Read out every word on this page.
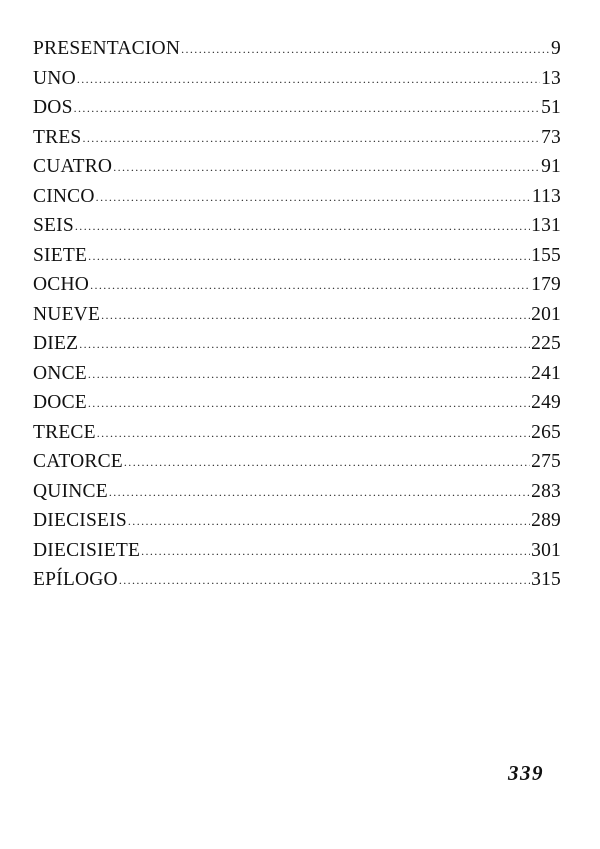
PRESENTACION .....	9
UNO .....	13
DOS .....	51
TRES .....	73
CUATRO .....	91
CINCO .....	113
SEIS .....	131
SIETE .....	155
OCHO .....	179
NUEVE .....	201
DIEZ .....	225
ONCE .....	241
DOCE .....	249
TRECE .....	265
CATORCE .....	275
QUINCE .....	283
DIECISEIS .....	289
DIECISIETE .....	301
EPÍLOGO .....	315
339
